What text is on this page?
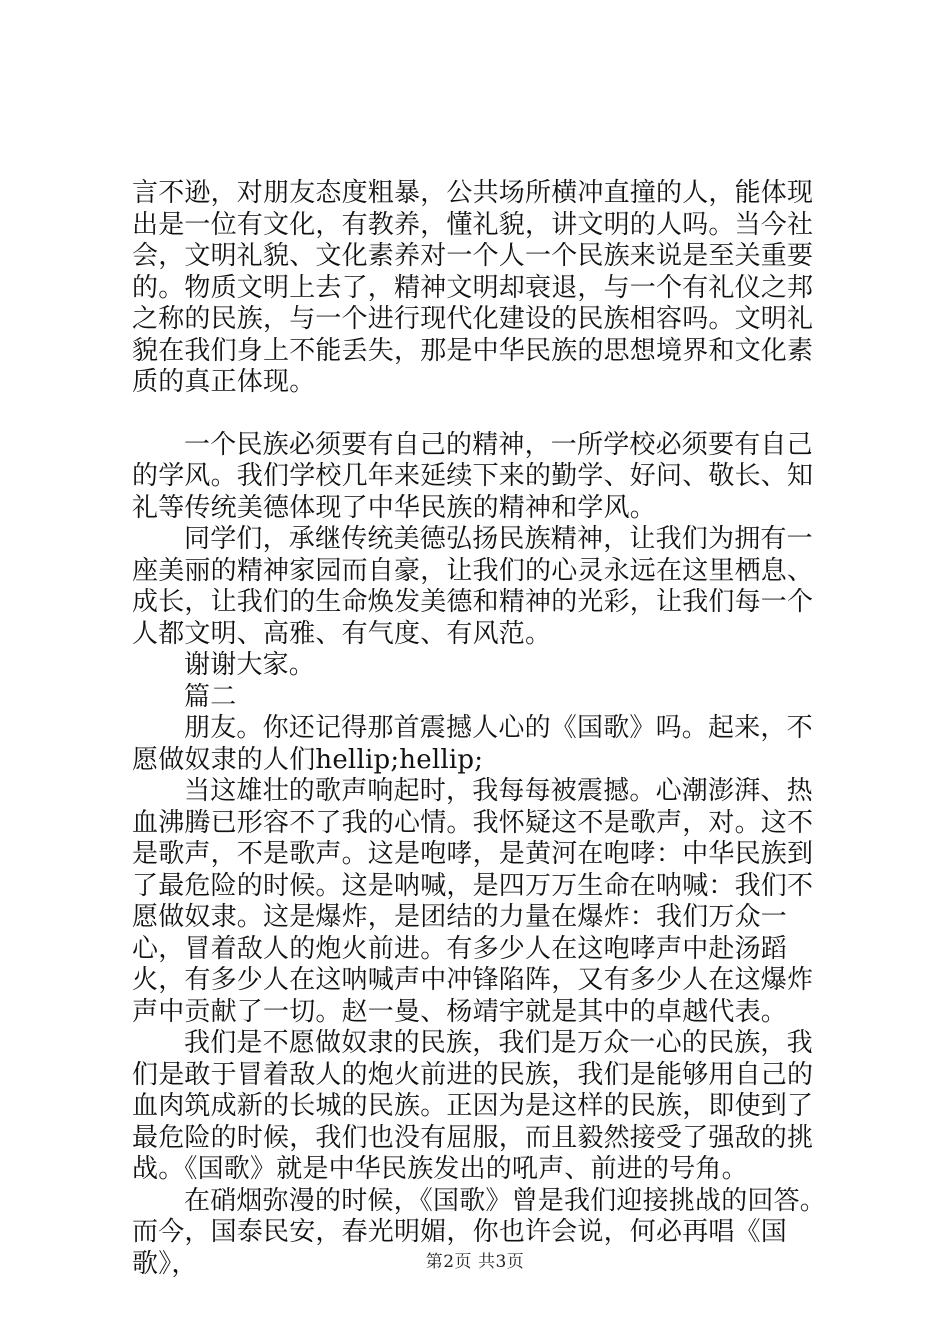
言不逊，对朋友态度粗暴，公共场所横冲直撞的人，能体现出是一位有文化，有教养，懂礼貌，讲文明的人吗。当今社会，文明礼貌、文化素养对一个人一个民族来说是至关重要的。物质文明上去了，精神文明却衰退，与一个有礼仪之邦之称的民族，与一个进行现代化建设的民族相容吗。文明礼貌在我们身上不能丢失，那是中华民族的思想境界和文化素质的真正体现。

一个民族必须要有自己的精神，一所学校必须要有自己的学风。我们学校几年来延续下来的勤学、好问、敬长、知礼等传统美德体现了中华民族的精神和学风。

同学们，承继传统美德弘扬民族精神，让我们为拥有一座美丽的精神家园而自豪，让我们的心灵永远在这里栖息、成长，让我们的生命焕发美德和精神的光彩，让我们每一个人都文明、高雅、有气度、有风范。

谢谢大家。

篇二

朋友。你还记得那首震撼人心的《国歌》吗。起来，不愿做奴隶的人们hellip;hellip;

当这雄壮的歌声响起时，我每每被震撼。心潮澎湃、热血沸腾已形容不了我的心情。我怀疑这不是歌声，对。这不是歌声，不是歌声。这是咆哮，是黄河在咆哮：中华民族到了最危险的时候。这是呐喊，是四万万生命在呐喊：我们不愿做奴隶。这是爆炸，是团结的力量在爆炸：我们万众一心，冒着敌人的炮火前进。有多少人在这咆哮声中赴汤蹈火，有多少人在这呐喊声中冲锋陷阵，又有多少人在这爆炸声中贡献了一切。赵一曼、杨靖宇就是其中的卓越代表。

我们是不愿做奴隶的民族，我们是万众一心的民族，我们是敢于冒着敌人的炮火前进的民族，我们是能够用自己的血肉筑成新的长城的民族。正因为是这样的民族，即使到了最危险的时候，我们也没有屈服，而且毅然接受了强敌的挑战。《国歌》就是中华民族发出的吼声、前进的号角。

在硝烟弥漫的时候，《国歌》曾是我们迎接挑战的回答。而今，国泰民安，春光明媚，你也许会说，何必再唱《国歌》，	第2页 共3页
